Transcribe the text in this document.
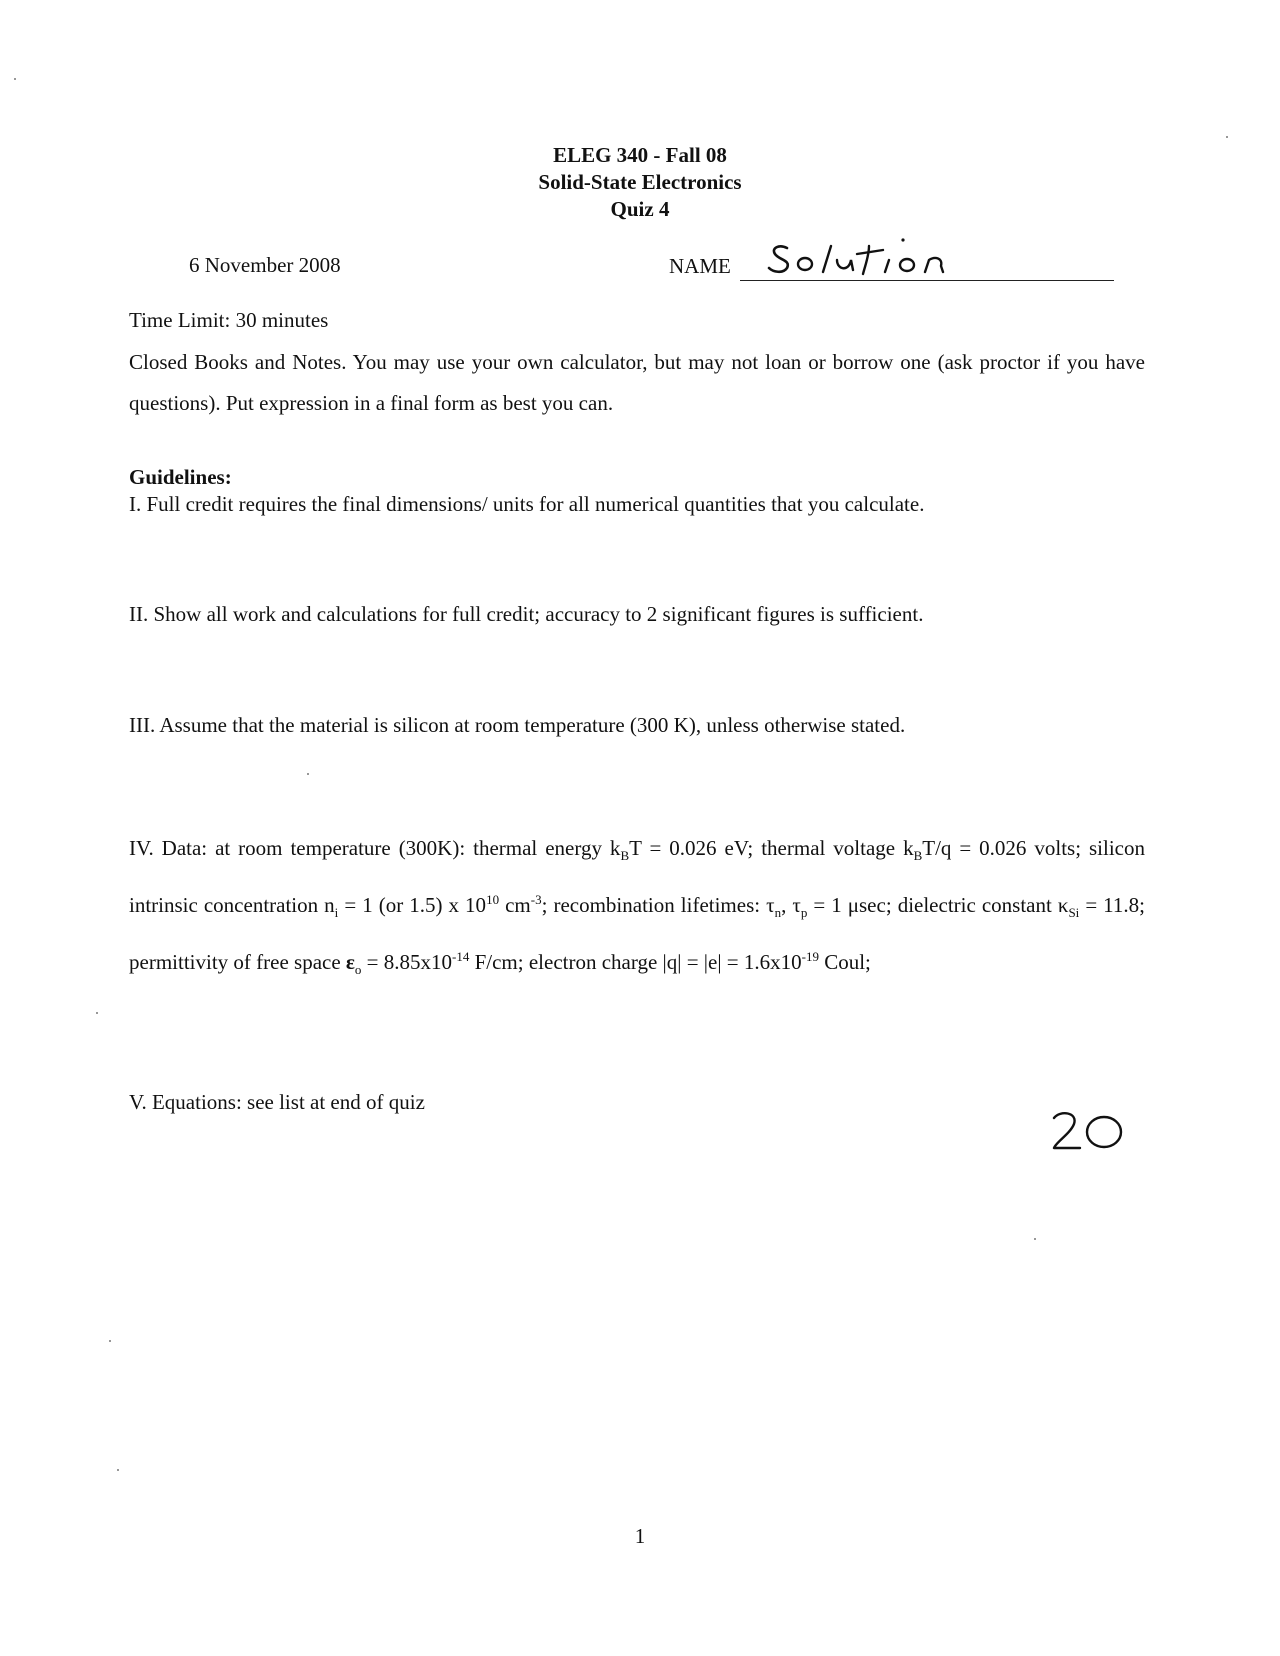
ELEG 340 - Fall 08
Solid-State Electronics
Quiz 4
6 November 2008	NAME
Time Limit: 30 minutes
Closed Books and Notes. You may use your own calculator, but may not loan or borrow one (ask proctor if you have questions). Put expression in a final form as best you can.
Guidelines:
I. Full credit requires the final dimensions/ units for all numerical quantities that you calculate.
II. Show all work and calculations for full credit; accuracy to 2 significant figures is sufficient.
III. Assume that the material is silicon at room temperature (300 K), unless otherwise stated.
IV. Data: at room temperature (300K): thermal energy $k_BT = 0.026$ eV; thermal voltage $k_BT/q = 0.026$ volts; silicon intrinsic concentration $n_i = 1$ (or 1.5) x $10^{10}$ $cm^{-3}$; recombination lifetimes: $\tau_n$, $\tau_p = 1$ μsec; dielectric constant $\kappa_{Si} = 11.8$; permittivity of free space $\varepsilon_o = 8.85x10^{-14}$ F/cm; electron charge $|q| = |e| = 1.6x10^{-19}$ Coul;
V. Equations: see list at end of quiz
1
